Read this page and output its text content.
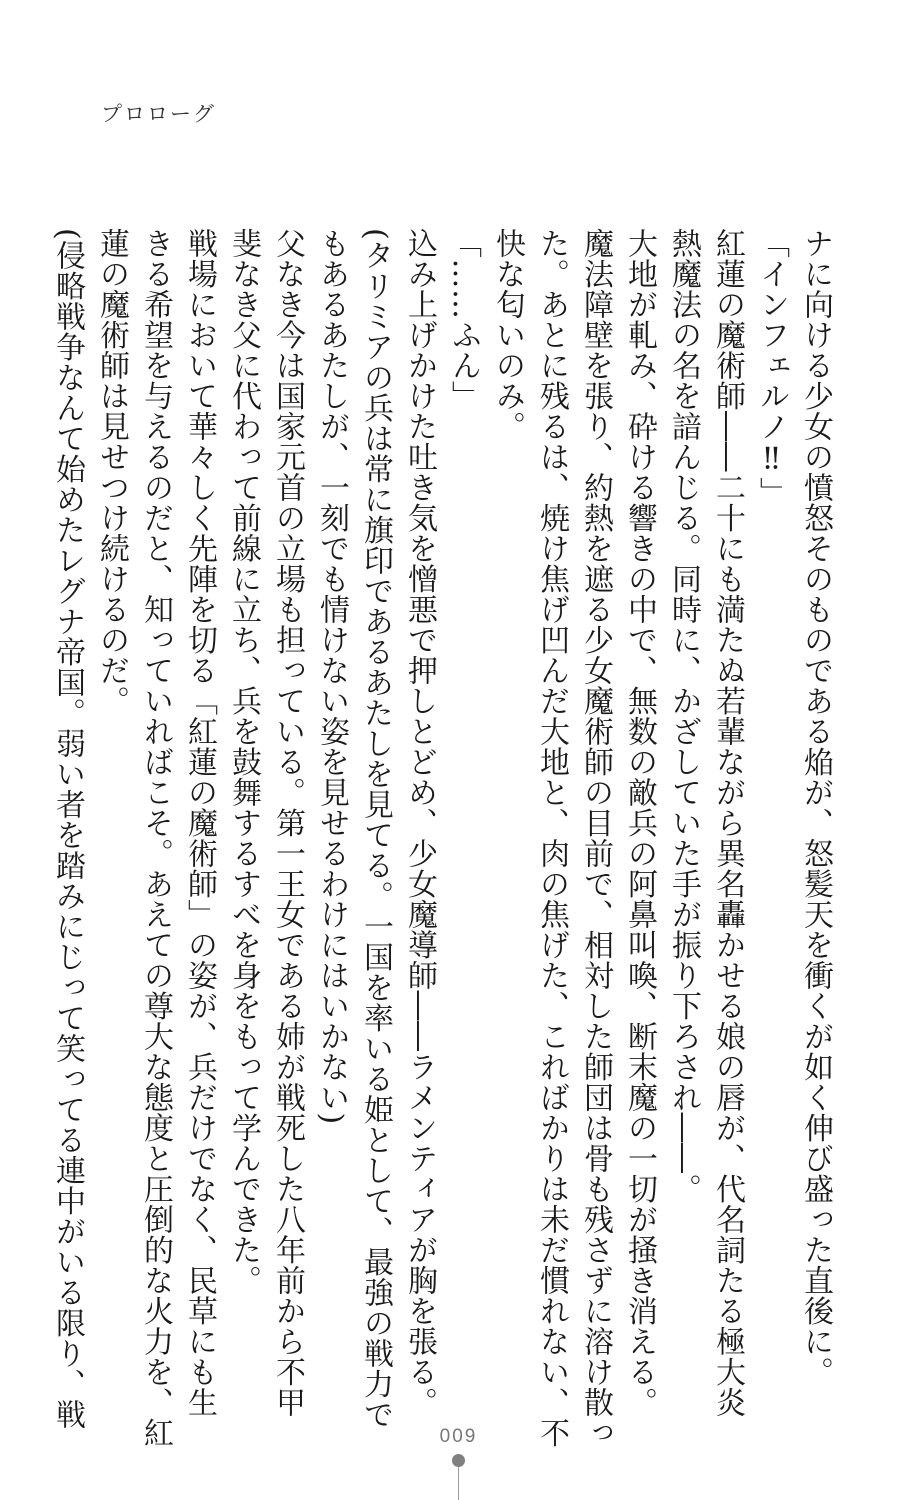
プロローグ

ナに向ける少女の憤怒そのものである焔が、怒髪天を衝くが如く伸び盛った直後に。

「インフェルノ‼」

紅蓮の魔術師――二十にも満たぬ若輩ながら異名轟かせる娘の唇が、代名詞たる極大炎

熱魔法の名を諳んじる。同時に、かざしていた手が振り下ろされ――。

大地が軋み、砕ける響きの中で、無数の敵兵の阿鼻叫喚、断末魔の一切が掻き消える。

魔法障壁を張り、約熱を遮る少女魔術師の目前で、相対した師団は骨も残さずに溶け散っ

た。あとに残るは、焼け焦げ凹んだ大地と、肉の焦げた、こればかりは未だ慣れない、不

快な匂いのみ。

「……ふん」

込み上げかけた吐き気を憎悪で押しとどめ、少女魔導師――ラメンティアが胸を張る。

(タリミアの兵は常に旗印であるあたしを見てる。一国を率いる姫として、最強の戦力で

もあるあたしが、一刻でも情けない姿を見せるわけにはいかない)

父なき今は国家元首の立場も担っている。第一王女である姉が戦死した八年前から不甲

斐なき父に代わって前線に立ち、兵を鼓舞するすべを身をもって学んできた。

戦場において華々しく先陣を切る「紅蓮の魔術師」の姿が、兵だけでなく、民草にも生

きる希望を与えるのだと、知っていればこそ。あえての尊大な態度と圧倒的な火力を、紅

蓮の魔術師は見せつけ続けるのだ。

(侵略戦争なんて始めたレグナ帝国。弱い者を踏みにじって笑ってる連中がいる限り、戦

009
